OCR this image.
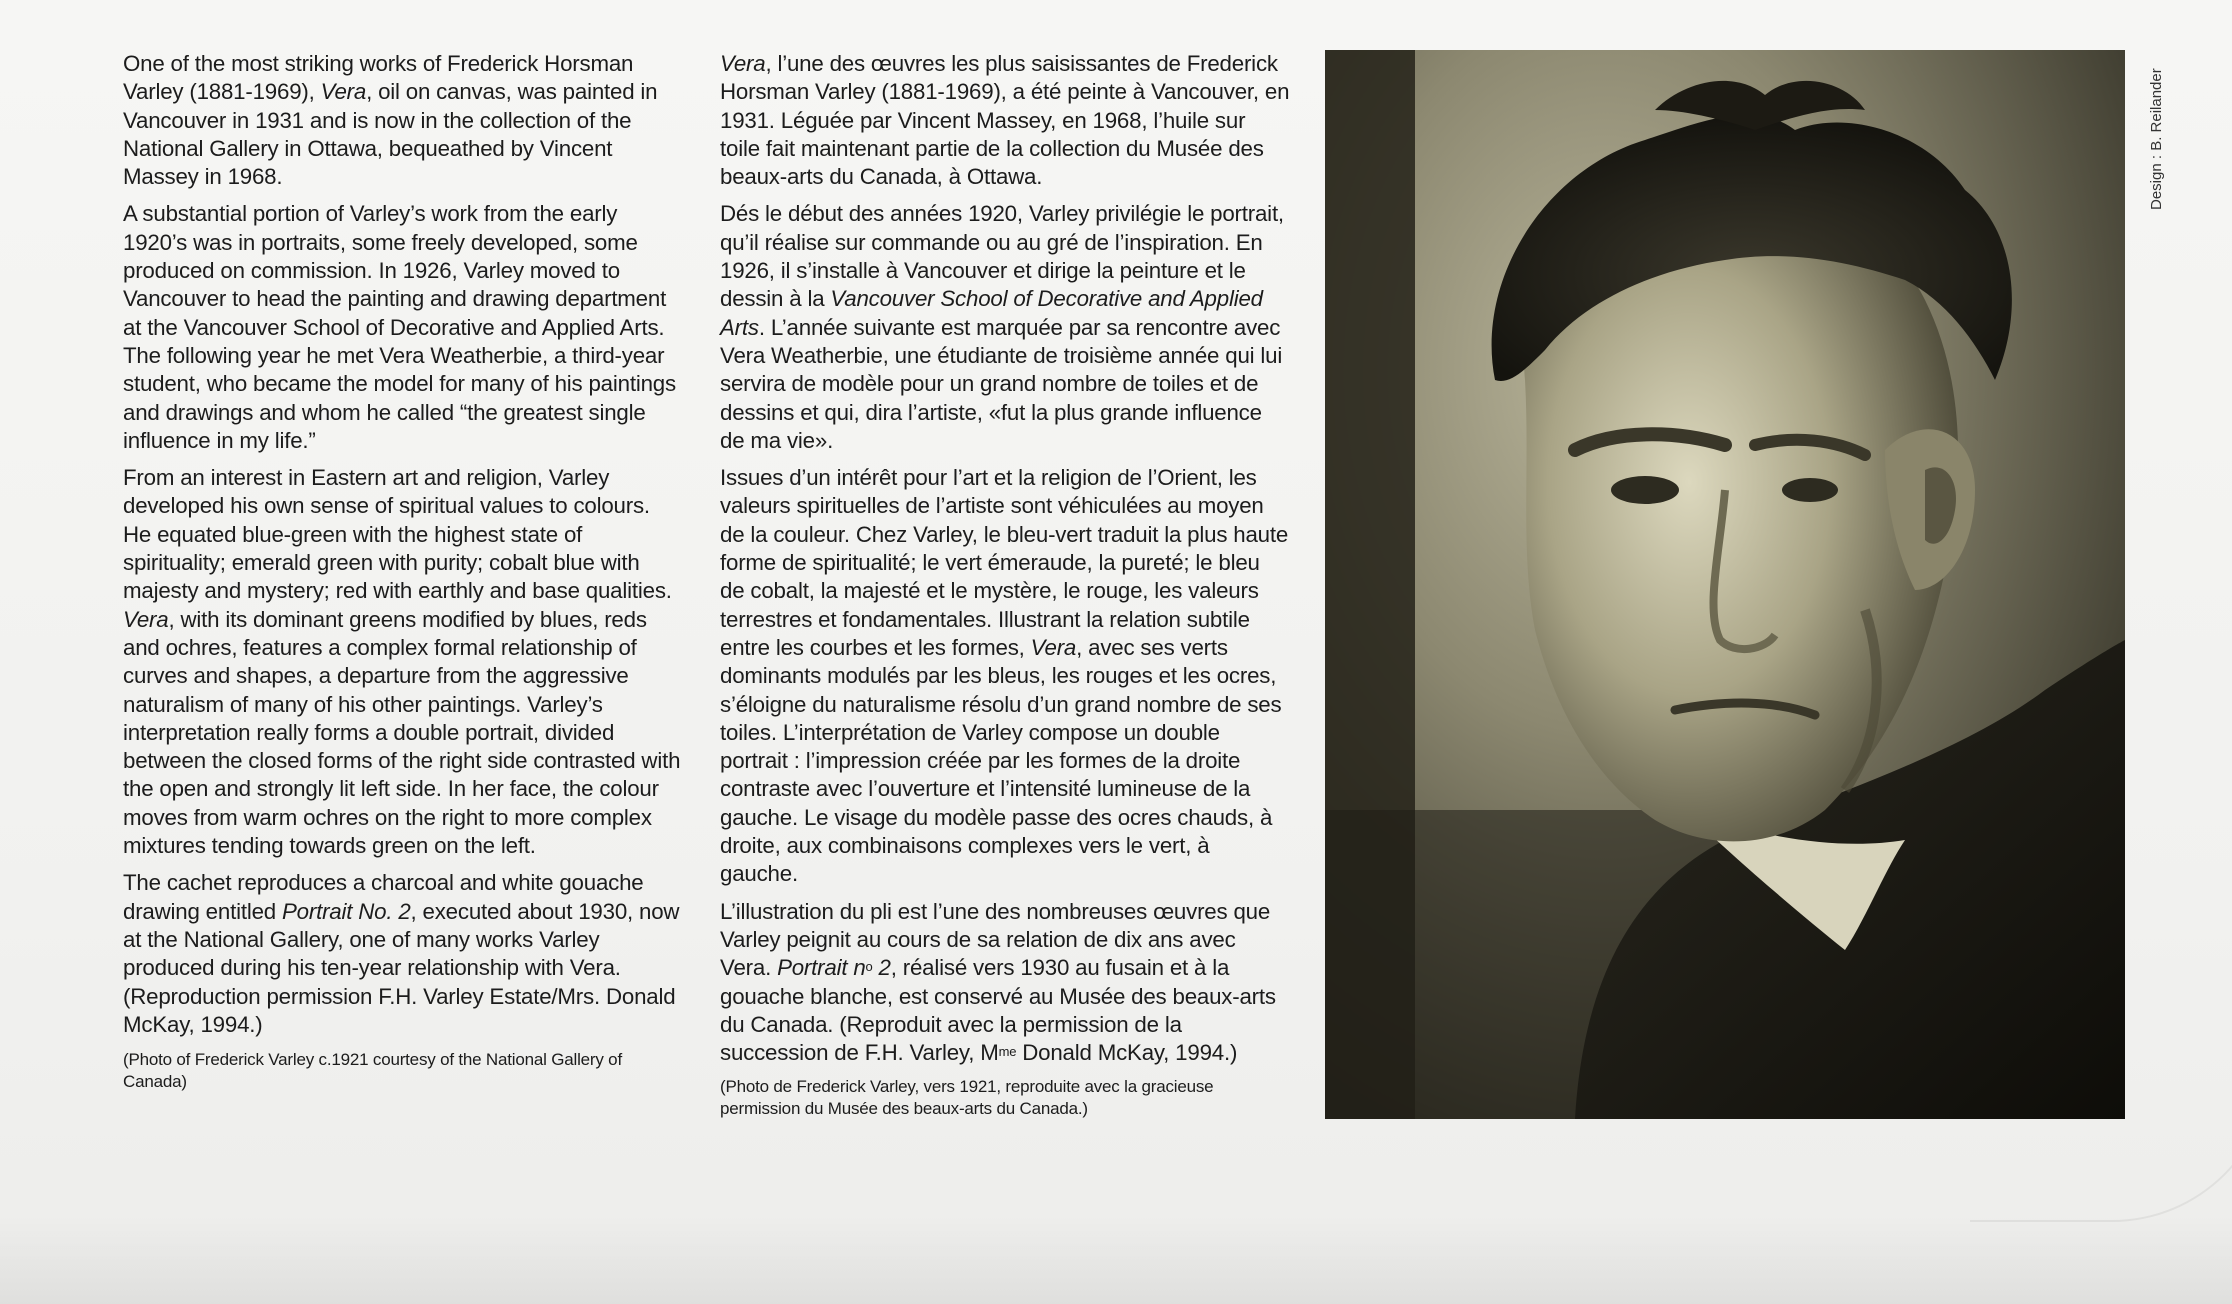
One of the most striking works of Frederick Horsman Varley (1881-1969), Vera, oil on canvas, was painted in Vancouver in 1931 and is now in the collection of the National Gallery in Ottawa, bequeathed by Vincent Massey in 1968.

A substantial portion of Varley’s work from the early 1920’s was in portraits, some freely developed, some produced on commission. In 1926, Varley moved to Vancouver to head the painting and drawing department at the Vancouver School of Decorative and Applied Arts. The following year he met Vera Weatherbie, a third-year student, who became the model for many of his paintings and drawings and whom he called “the greatest single influence in my life.”

From an interest in Eastern art and religion, Varley developed his own sense of spiritual values to colours. He equated blue-green with the highest state of spirituality; emerald green with purity; cobalt blue with majesty and mystery; red with earthly and base qualities. Vera, with its dominant greens modified by blues, reds and ochres, features a complex formal relationship of curves and shapes, a departure from the aggressive naturalism of many of his other paintings. Varley’s interpretation really forms a double portrait, divided between the closed forms of the right side contrasted with the open and strongly lit left side. In her face, the colour moves from warm ochres on the right to more complex mixtures tending towards green on the left.

The cachet reproduces a charcoal and white gouache drawing entitled Portrait No. 2, executed about 1930, now at the National Gallery, one of many works Varley produced during his ten-year relationship with Vera. (Reproduction permission F.H. Varley Estate/Mrs. Donald McKay, 1994.)

(Photo of Frederick Varley c.1921 courtesy of the National Gallery of Canada)

Vera, l’une des œuvres les plus saisissantes de Frederick Horsman Varley (1881-1969), a été peinte à Vancouver, en 1931. Léguée par Vincent Massey, en 1968, l’huile sur toile fait maintenant partie de la collection du Musée des beaux-arts du Canada, à Ottawa.

Dés le début des années 1920, Varley privilégie le portrait, qu’il réalise sur commande ou au gré de l’inspiration. En 1926, il s’installe à Vancouver et dirige la peinture et le dessin à la Vancouver School of Decorative and Applied Arts. L’année suivante est marquée par sa rencontre avec Vera Weatherbie, une étudiante de troisième année qui lui servira de modèle pour un grand nombre de toiles et de dessins et qui, dira l’artiste, «fut la plus grande influence de ma vie».

Issues d’un intérêt pour l’art et la religion de l’Orient, les valeurs spirituelles de l’artiste sont véhiculées au moyen de la couleur. Chez Varley, le bleu-vert traduit la plus haute forme de spiritualité; le vert émeraude, la pureté; le bleu de cobalt, la majesté et le mystère, le rouge, les valeurs terrestres et fondamentales. Illustrant la relation subtile entre les courbes et les formes, Vera, avec ses verts dominants modulés par les bleus, les rouges et les ocres, s’éloigne du naturalisme résolu d’un grand nombre de ses toiles. L’interprétation de Varley compose un double portrait : l’impression créée par les formes de la droite contraste avec l’ouverture et l’intensité lumineuse de la gauche. Le visage du modèle passe des ocres chauds, à droite, aux combinaisons complexes vers le vert, à gauche.

L’illustration du pli est l’une des nombreuses œuvres que Varley peignit au cours de sa relation de dix ans avec Vera. Portrait $n^o$ 2, réalisé vers 1930 au fusain et à la gouache blanche, est conservé au Musée des beaux-arts du Canada. (Reproduit avec la permission de la succession de F.H. Varley, $M^{me}$ Donald McKay, 1994.)

(Photo de Frederick Varley, vers 1921, reproduite avec la gracieuse permission du Musée des beaux-arts du Canada.)

Design : B. Reilander
